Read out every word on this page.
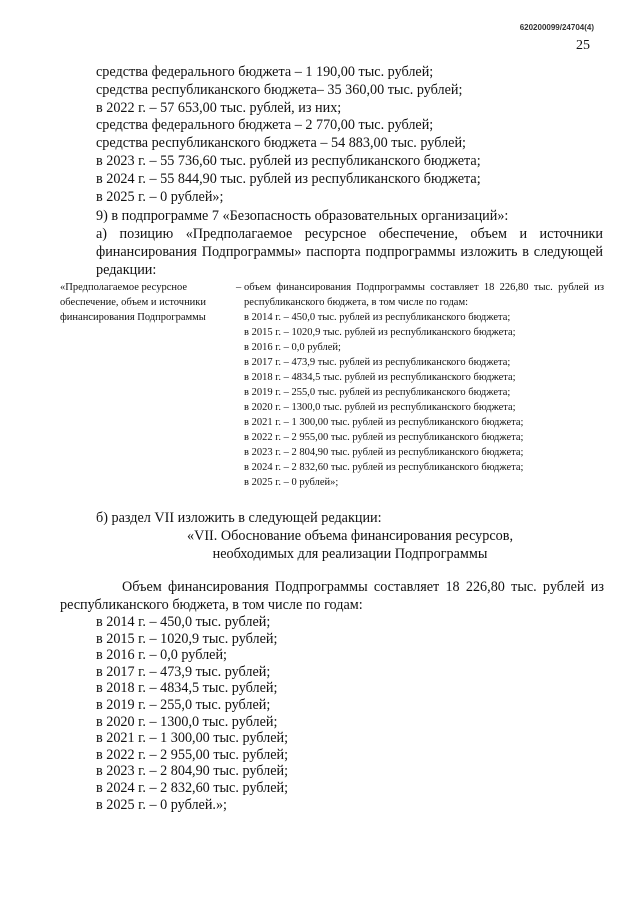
620200099/24704(4)
25
средства федерального бюджета – 1 190,00 тыс. рублей;
средства республиканского бюджета– 35 360,00 тыс. рублей;
в 2022 г. – 57 653,00 тыс. рублей, из них;
средства федерального бюджета – 2 770,00 тыс. рублей;
средства республиканского бюджета – 54 883,00 тыс. рублей;
в 2023 г. – 55 736,60 тыс. рублей из республиканского бюджета;
в 2024 г. – 55 844,90 тыс. рублей из республиканского бюджета;
в 2025 г. – 0 рублей»;
9) в подпрограмме 7 «Безопасность образовательных организаций»:
а) позицию «Предполагаемое ресурсное обеспечение, объем и источники финансирования Подпрограммы» паспорта подпрограммы изложить в следующей редакции:
«Предполагаемое ресурсное обеспечение, объем и источники финансирования Подпрограммы
– объем финансирования Подпрограммы составляет 18 226,80 тыс. рублей из республиканского бюджета, в том числе по годам:
в 2014 г. – 450,0 тыс. рублей из республиканского бюджета;
в 2015 г. – 1020,9 тыс. рублей из республиканского бюджета;
в 2016 г. – 0,0 рублей;
в 2017 г. – 473,9 тыс. рублей из республиканского бюджета;
в 2018 г. – 4834,5 тыс. рублей из республиканского бюджета;
в 2019 г. – 255,0 тыс. рублей из республиканского бюджета;
в 2020 г. – 1300,0 тыс. рублей из республиканского бюджета;
в 2021 г. – 1 300,00 тыс. рублей из республиканского бюджета;
в 2022 г. – 2 955,00 тыс. рублей из республиканского бюджета;
в 2023 г. – 2 804,90 тыс. рублей из республиканского бюджета;
в 2024 г. – 2 832,60 тыс. рублей из республиканского бюджета;
в 2025 г. – 0 рублей»;
б) раздел VII изложить в следующей редакции:
«VII. Обоснование объема финансирования ресурсов,
необходимых для реализации Подпрограммы
Объем финансирования Подпрограммы составляет 18 226,80 тыс. рублей из республиканского бюджета, в том числе по годам:
в 2014 г. – 450,0 тыс. рублей;
в 2015 г. – 1020,9 тыс. рублей;
в 2016 г. – 0,0 рублей;
в 2017 г. – 473,9 тыс. рублей;
в 2018 г. – 4834,5 тыс. рублей;
в 2019 г. – 255,0 тыс. рублей;
в 2020 г. – 1300,0 тыс. рублей;
в 2021 г. – 1 300,00 тыс. рублей;
в 2022 г. – 2 955,00 тыс. рублей;
в 2023 г. – 2 804,90 тыс. рублей;
в 2024 г. – 2 832,60 тыс. рублей;
в 2025 г. – 0 рублей.»;
